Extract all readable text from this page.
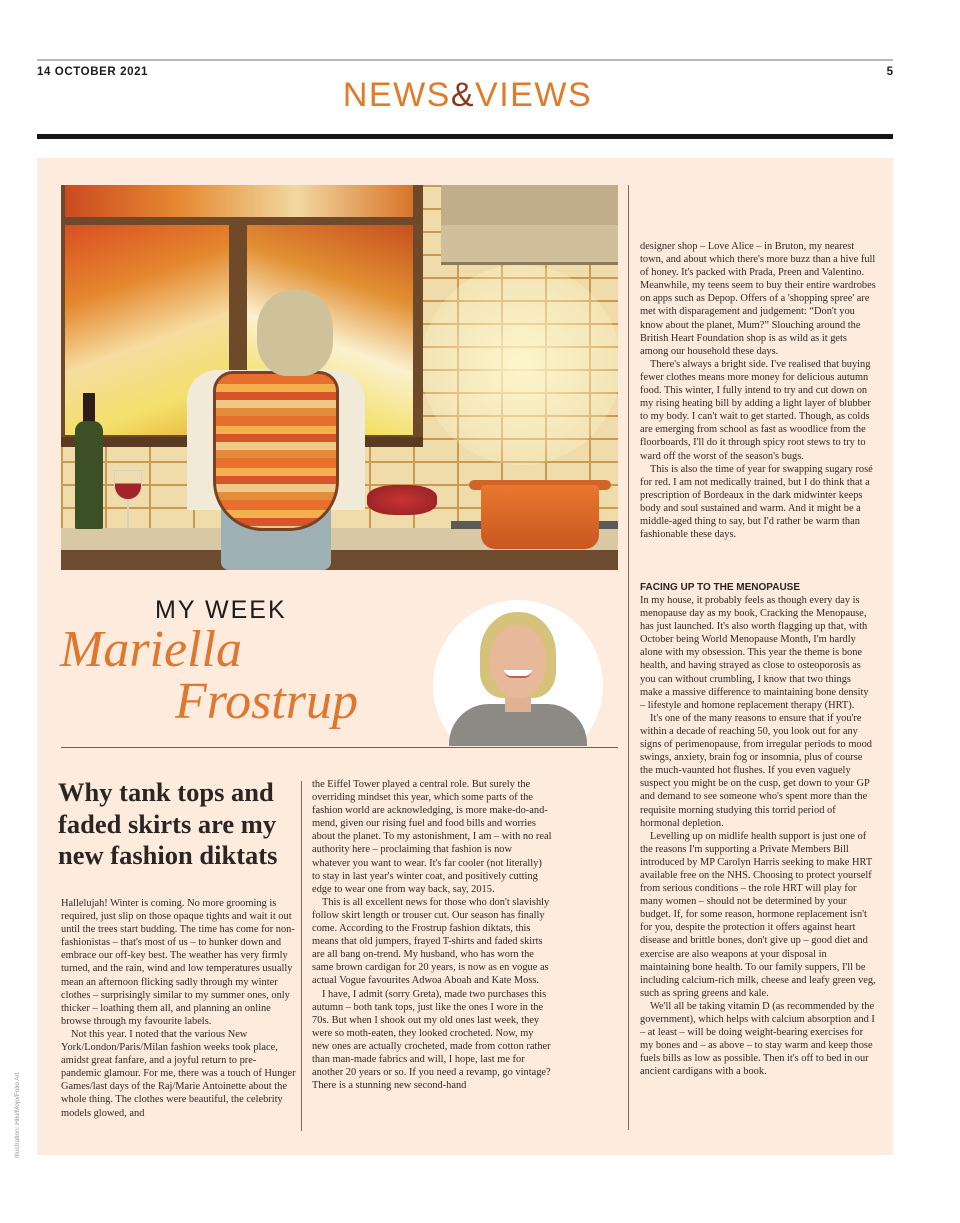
14 OCTOBER 2021	5
NEWS&VIEWS
MY WEEK
Mariella
Frostrup
Why tank tops and faded skirts are my new fashion diktats

Hallelujah! Winter is coming. No more grooming is required, just slip on those opaque tights and wait it out until the trees start budding. The time has come for non-fashionistas – that's most of us – to hunker down and embrace our off-key best. The weather has very firmly turned, and the rain, wind and low temperatures usually mean an afternoon flicking sadly through my winter clothes – surprisingly similar to my summer ones, only thicker – loathing them all, and planning an online browse through my favourite labels.

Not this year. I noted that the various New York/London/Paris/Milan fashion weeks took place, amidst great fanfare, and a joyful return to pre-pandemic glamour. For me, there was a touch of Hunger Games/last days of the Raj/Marie Antoinette about the whole thing. The clothes were beautiful, the celebrity models glowed, and

the Eiffel Tower played a central role. But surely the overriding mindset this year, which some parts of the fashion world are acknowledging, is more make-do-and-mend, given our rising fuel and food bills and worries about the planet. To my astonishment, I am – with no real authority here – proclaiming that fashion is now whatever you want to wear. It's far cooler (not literally) to stay in last year's winter coat, and positively cutting edge to wear one from way back, say, 2015.

This is all excellent news for those who don't slavishly follow skirt length or trouser cut. Our season has finally come. According to the Frostrup fashion diktats, this means that old jumpers, frayed T-shirts and faded skirts are all bang on-trend. My husband, who has worn the same brown cardigan for 20 years, is now as en vogue as actual Vogue favourites Adwoa Aboah and Kate Moss.

I have, I admit (sorry Greta), made two purchases this autumn – both tank tops, just like the ones I wore in the 70s. But when I shook out my old ones last week, they were so moth-eaten, they looked crocheted. Now, my new ones are actually crocheted, made from cotton rather than man-made fabrics and will, I hope, last me for another 20 years or so. If you need a revamp, go vintage? There is a stunning new second-hand

designer shop – Love Alice – in Bruton, my nearest town, and about which there's more buzz than a hive full of honey. It's packed with Prada, Preen and Valentino. Meanwhile, my teens seem to buy their entire wardrobes on apps such as Depop. Offers of a 'shopping spree' are met with disparagement and judgement: “Don't you know about the planet, Mum?” Slouching around the British Heart Foundation shop is as wild as it gets among our household these days.

There's always a bright side. I've realised that buying fewer clothes means more money for delicious autumn food. This winter, I fully intend to try and cut down on my rising heating bill by adding a light layer of blubber to my body. I can't wait to get started. Though, as colds are emerging from school as fast as woodlice from the floorboards, I'll do it through spicy root stews to try to ward off the worst of the season's bugs.

This is also the time of year for swapping sugary rosé for red. I am not medically trained, but I do think that a prescription of Bordeaux in the dark midwinter keeps body and soul sustained and warm. And it might be a middle-aged thing to say, but I'd rather be warm than fashionable these days.

FACING UP TO THE MENOPAUSE

In my house, it probably feels as though every day is menopause day as my book, Cracking the Menopause, has just launched. It's also worth flagging up that, with October being World Menopause Month, I'm hardly alone with my obsession. This year the theme is bone health, and having strayed as close to osteoporosis as you can without crumbling, I know that two things make a massive difference to maintaining bone density – lifestyle and homone replacement therapy (HRT).

It's one of the many reasons to ensure that if you're within a decade of reaching 50, you look out for any signs of perimenopause, from irregular periods to mood swings, anxiety, brain fog or insomnia, plus of course the much-vaunted hot flushes. If you even vaguely suspect you might be on the cusp, get down to your GP and demand to see someone who's spent more than the requisite morning studying this torrid period of hormonal depletion.

Levelling up on midlife health support is just one of the reasons I'm supporting a Private Members Bill introduced by MP Carolyn Harris seeking to make HRT available free on the NHS. Choosing to protect yourself from serious conditions – the role HRT will play for many women – should not be determined by your budget. If, for some reason, hormone replacement isn't for you, despite the protection it offers against heart disease and brittle bones, don't give up – good diet and exercise are also weapons at your disposal in maintaining bone health. To our family suppers, I'll be including calcium-rich milk, cheese and leafy green veg, such as spring greens and kale.

We'll all be taking vitamin D (as recommended by the government), which helps with calcium absorption and I – at least – will be doing weight-bearing exercises for my bones and – as above – to stay warm and keep those fuels bills as low as possible. Then it's off to bed in our ancient cardigans with a book.

Illustration: Hiki/Mojo/Folio Art
